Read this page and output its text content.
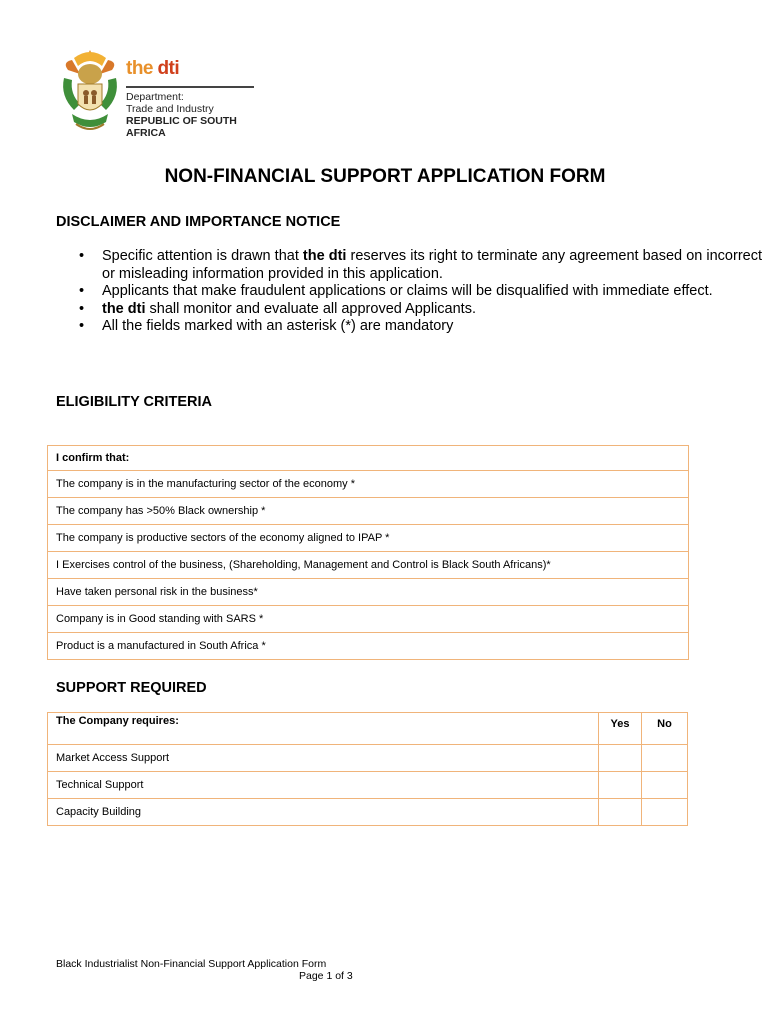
the dti
Department:
Trade and Industry
REPUBLIC OF SOUTH AFRICA
NON-FINANCIAL SUPPORT APPLICATION FORM
DISCLAIMER AND IMPORTANCE NOTICE
• Specific attention is drawn that the dti reserves its right to terminate any agreement based on incorrect or misleading information provided in this application.
• Applicants that make fraudulent applications or claims will be disqualified with immediate effect.
• the dti shall monitor and evaluate all approved Applicants.
• All the fields marked with an asterisk (*) are mandatory
ELIGIBILITY CRITERIA
I confirm that:
The company is in the manufacturing sector of the economy *
The company has >50% Black ownership *
The company is productive sectors of the economy aligned to IPAP *
I Exercises control of the business, (Shareholding, Management and Control is Black South Africans)*
Have taken personal risk in the business*
Company is in Good standing with SARS *
Product is a manufactured in South Africa *
SUPPORT REQUIRED
The Company requires:	Yes	No
Market Access Support		
Technical Support		
Capacity Building		
Black Industrialist Non-Financial Support Application Form
Page 1 of 3
